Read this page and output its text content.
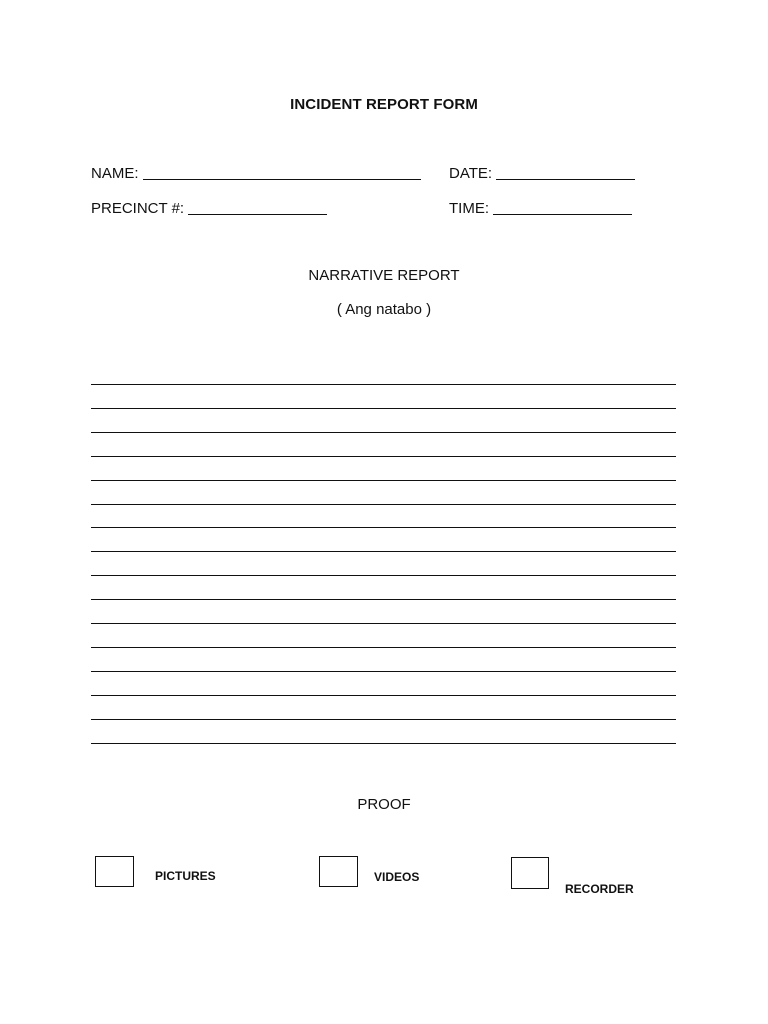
INCIDENT REPORT FORM
NAME:	DATE:
PRECINCT #:	TIME:
NARRATIVE REPORT
( Ang natabo )
PROOF
PICTURES	VIDEOS
RECORDER
